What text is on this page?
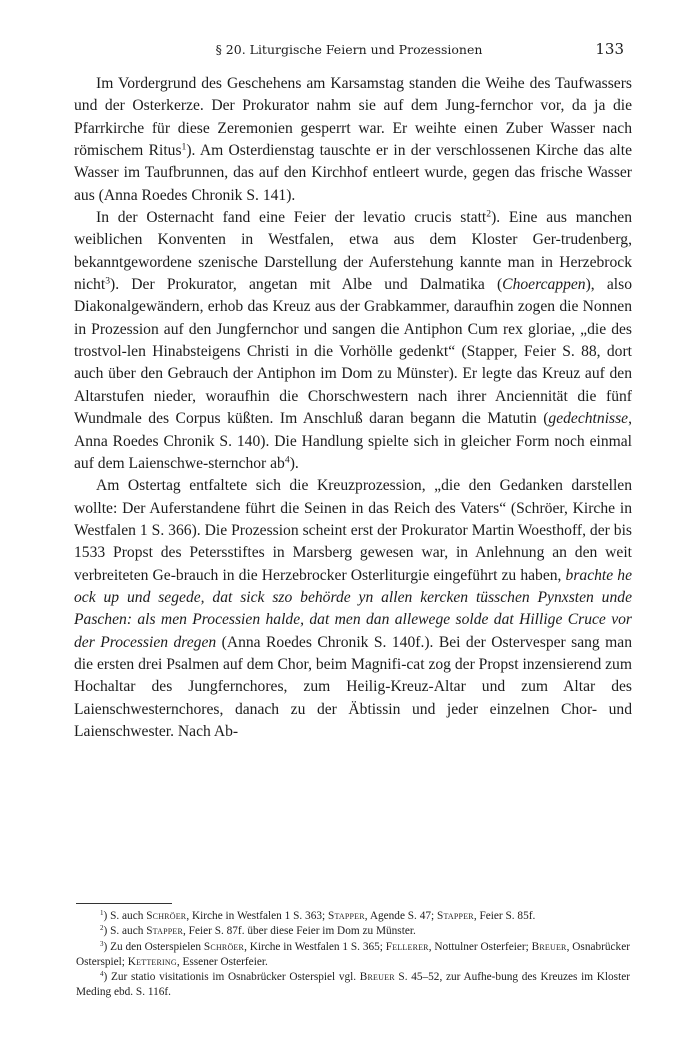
§ 20. Liturgische Feiern und Prozessionen	133

Im Vordergrund des Geschehens am Karsamstag standen die Weihe des Taufwassers und der Osterkerze. Der Prokurator nahm sie auf dem Jung-fernchor vor, da ja die Pfarrkirche für diese Zeremonien gesperrt war. Er weihte einen Zuber Wasser nach römischem Ritus$^1$). Am Osterdienstag tauschte er in der verschlossenen Kirche das alte Wasser im Taufbrunnen, das auf den Kirchhof entleert wurde, gegen das frische Wasser aus (Anna Roedes Chronik S. 141).

In der Osternacht fand eine Feier der levatio crucis statt$^2$). Eine aus manchen weiblichen Konventen in Westfalen, etwa aus dem Kloster Ger-trudenberg, bekanntgewordene szenische Darstellung der Auferstehung kannte man in Herzebrock nicht$^3$). Der Prokurator, angetan mit Albe und Dalmatika (Choercappen), also Diakonalgewändern, erhob das Kreuz aus der Grabkammer, daraufhin zogen die Nonnen in Prozession auf den Jungfernchor und sangen die Antiphon Cum rex gloriae, „die des trostvol-len Hinabsteigens Christi in die Vorhölle gedenkt“ (Stapper, Feier S. 88, dort auch über den Gebrauch der Antiphon im Dom zu Münster). Er legte das Kreuz auf den Altarstufen nieder, woraufhin die Chorschwestern nach ihrer Anciennität die fünf Wundmale des Corpus küßten. Im Anschluß daran begann die Matutin (gedechtnisse, Anna Roedes Chronik S. 140). Die Handlung spielte sich in gleicher Form noch einmal auf dem Laienschwe-sternchor $ab^4$).

Am Ostertag entfaltete sich die Kreuzprozession, „die den Gedanken darstellen wollte: Der Auferstandene führt die Seinen in das Reich des Vaters“ (Schröer, Kirche in Westfalen 1 S. 366). Die Prozession scheint erst der Prokurator Martin Woesthoff, der bis 1533 Propst des Petersstiftes in Marsberg gewesen war, in Anlehnung an den weit verbreiteten Ge-brauch in die Herzebrocker Osterliturgie eingeführt zu haben, brachte he ock up und segede, dat sick szo behörde yn allen kercken tüsschen Pynxsten unde Paschen: als men Processien halde, dat men dan allewege solde dat Hillige Cruce vor der Processien dregen (Anna Roedes Chronik S. 140f.). Bei der Ostervesper sang man die ersten drei Psalmen auf dem Chor, beim Magnifi-cat zog der Propst inzensierend zum Hochaltar des Jungfernchores, zum Heilig-Kreuz-Altar und zum Altar des Laienschwesternchores, danach zu der Äbtissin und jeder einzelnen Chor- und Laienschwester. Nach Ab-

$^1$) S. auch Schröer, Kirche in Westfalen 1 S. 363; Stapper, Agende S. 47; Stapper, Feier S. 85f.

$^2$) S. auch Stapper, Feier S. 87f. über diese Feier im Dom zu Münster.

$^3$) Zu den Osterspielen Schröer, Kirche in Westfalen 1 S. 365; Fellerer, Nottulner Osterfeier; Breuer, Osnabrücker Osterspiel; Kettering, Essener Osterfeier.

$^4$) Zur statio visitationis im Osnabrücker Osterspiel vgl. Breuer S. 45–52, zur Aufhe-bung des Kreuzes im Kloster Meding ebd. S. 116f.
